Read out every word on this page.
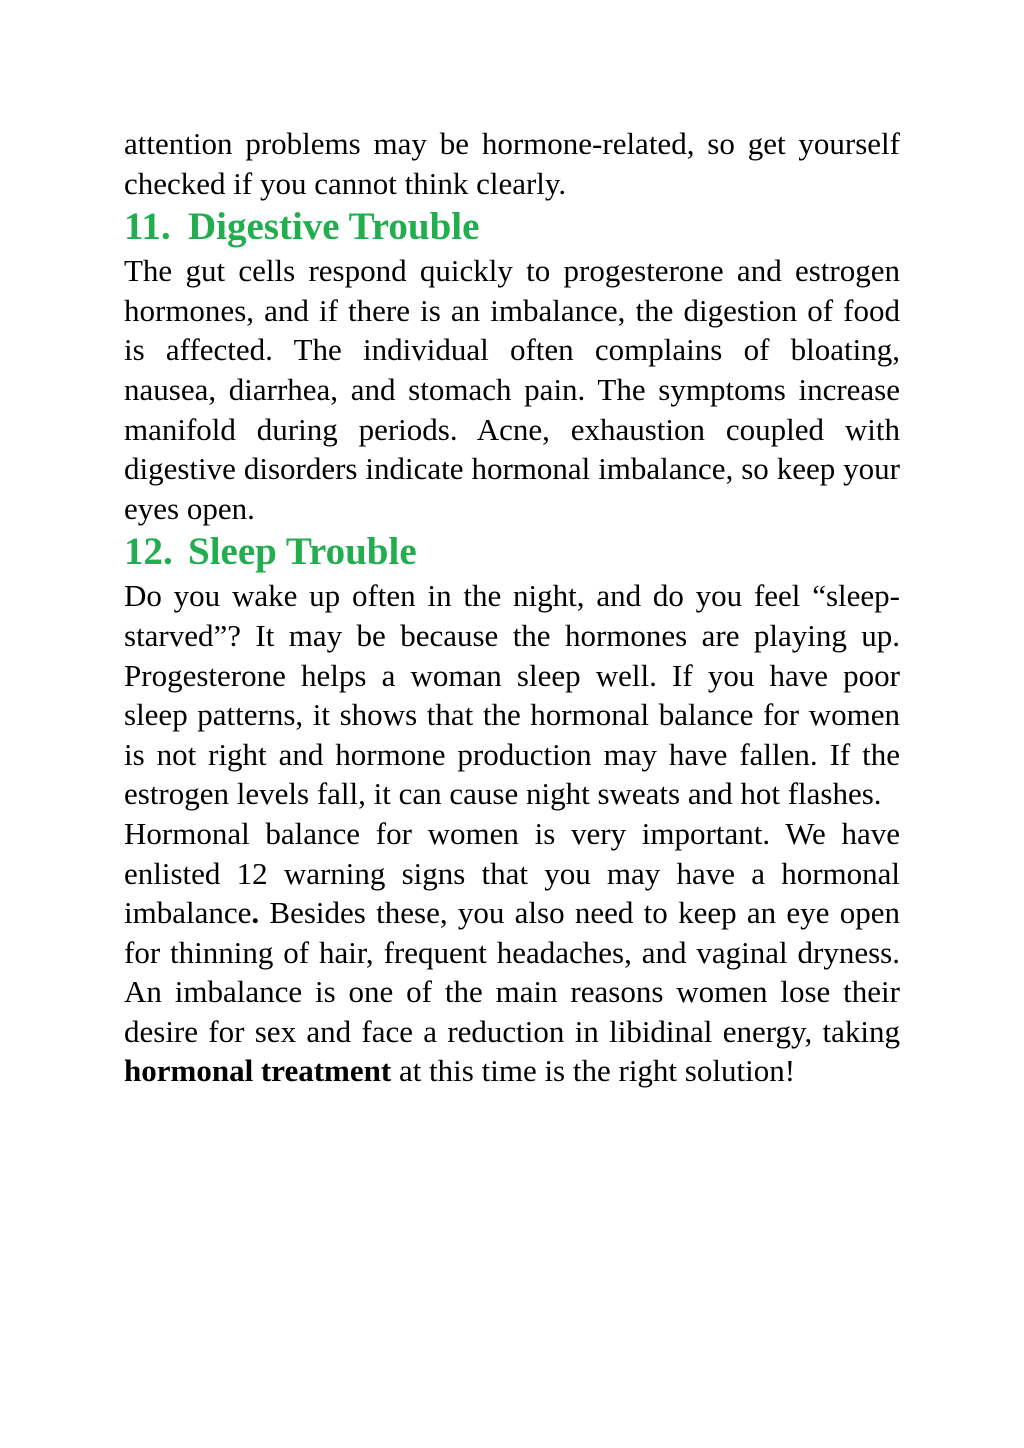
attention problems may be hormone-related, so get yourself checked if you cannot think clearly.

11. Digestive Trouble

The gut cells respond quickly to progesterone and estrogen hormones, and if there is an imbalance, the digestion of food is affected. The individual often complains of bloating, nausea, diarrhea, and stomach pain. The symptoms increase manifold during periods. Acne, exhaustion coupled with digestive disorders indicate hormonal imbalance, so keep your eyes open.

12. Sleep Trouble

Do you wake up often in the night, and do you feel “sleep-starved”? It may be because the hormones are playing up. Progesterone helps a woman sleep well. If you have poor sleep patterns, it shows that the hormonal balance for women is not right and hormone production may have fallen. If the estrogen levels fall, it can cause night sweats and hot flashes.

Hormonal balance for women is very important. We have enlisted 12 warning signs that you may have a hormonal imbalance. Besides these, you also need to keep an eye open for thinning of hair, frequent headaches, and vaginal dryness. An imbalance is one of the main reasons women lose their desire for sex and face a reduction in libidinal energy, taking hormonal treatment at this time is the right solution!
